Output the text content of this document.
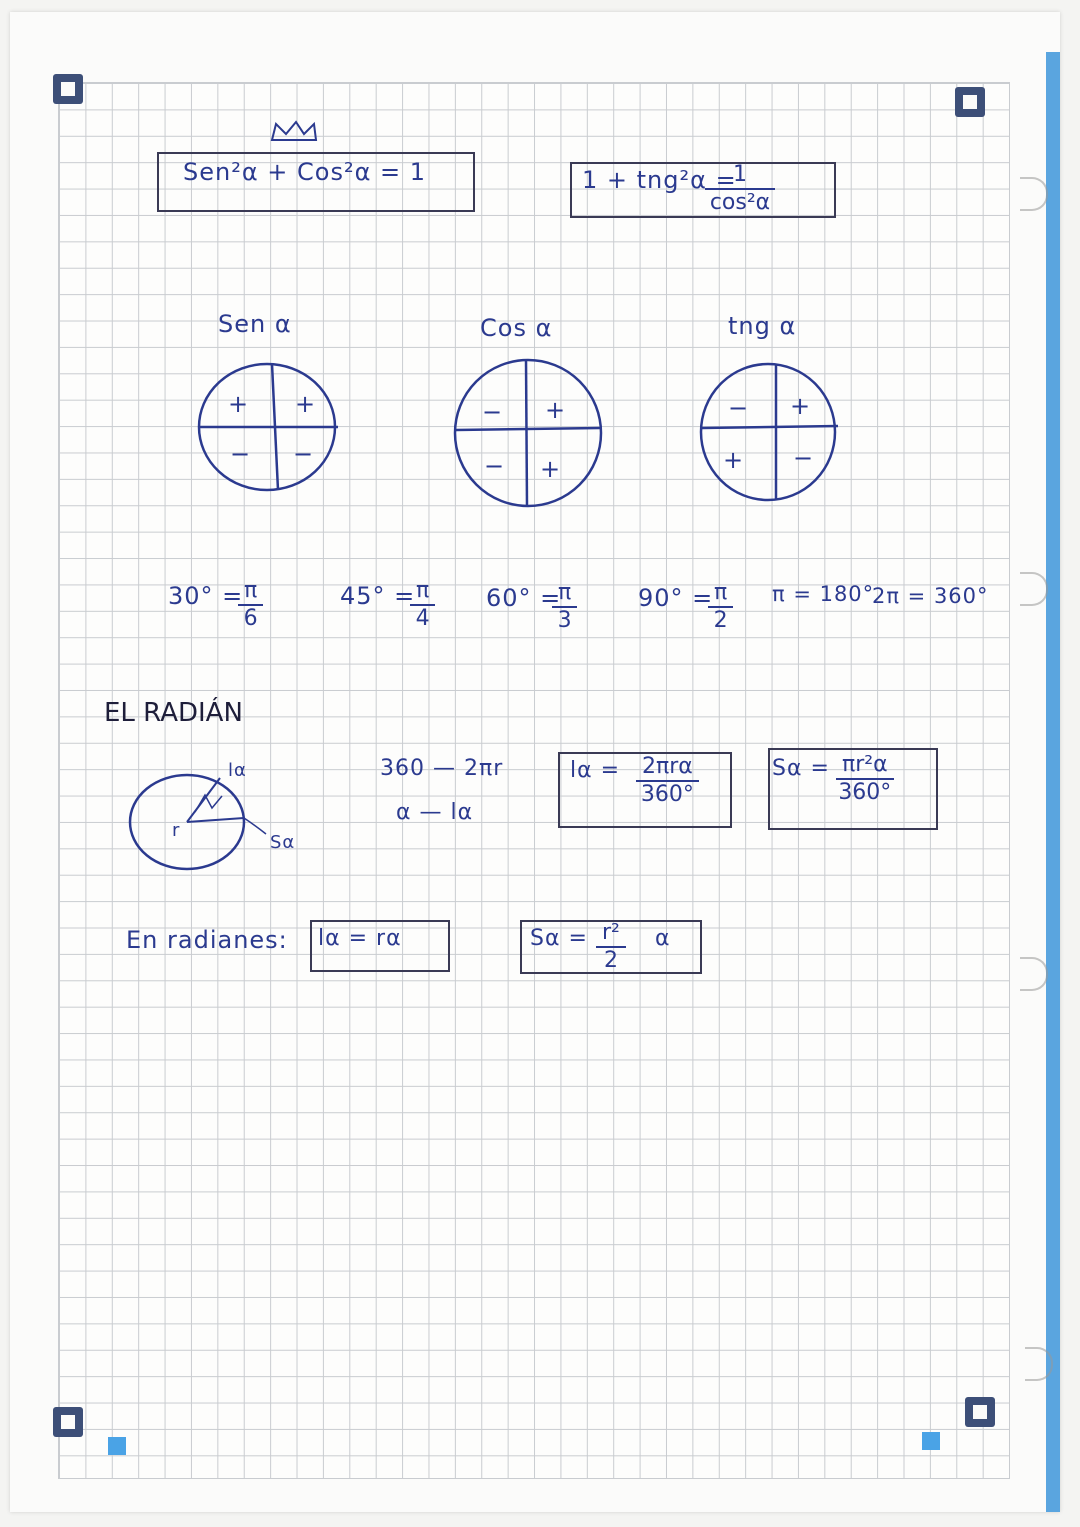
Sen²α + Cos²α = 1	1 + tng²α =
$\frac{1}{\text{cos²α}}$
Sen α
+ +
− −
Cos α
− +
− +
tng α
− +
+ −
30° =
$\frac{\pi}{6}$	45° =
$\frac{\pi}{4} 60^\circ$ =
$\frac{\pi}{3}$	90° =
$\frac{\pi}{2}$ π = 180°
2π = 360°
EL RADIÁN
r
lα
Sα
360 — 2πr
α — lα
lα = 2πrα
360°
$S\alpha = \frac{\text{πr²α}}{360^\circ}$
En radianes: lα = rα	$S\alpha = \frac{\text{r²}}{2}$ α
